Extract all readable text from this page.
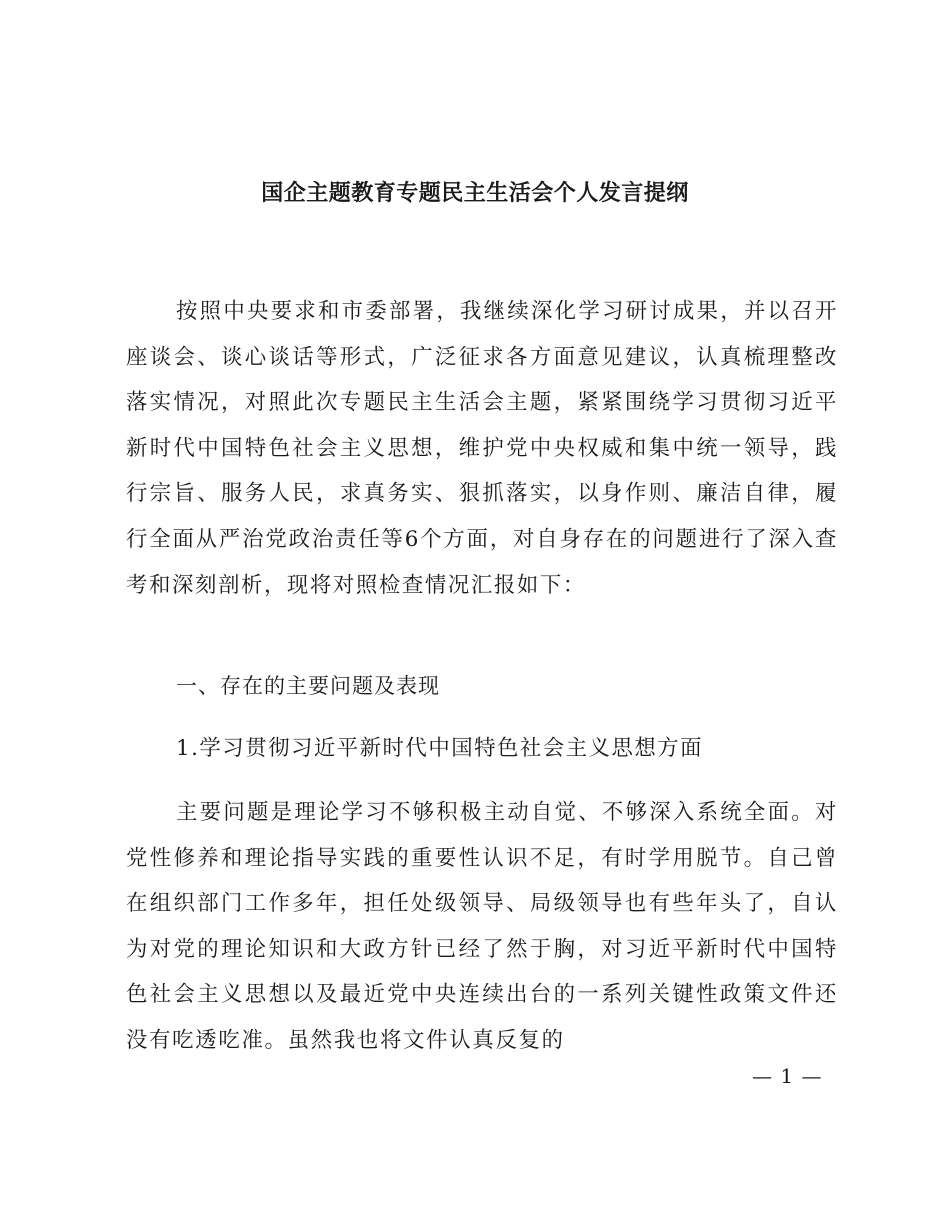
国企主题教育专题民主生活会个人发言提纲

按照中央要求和市委部署，我继续深化学习研讨成果，并以召开座谈会、谈心谈话等形式，广泛征求各方面意见建议，认真梳理整改落实情况，对照此次专题民主生活会主题，紧紧围绕学习贯彻习近平新时代中国特色社会主义思想，维护党中央权威和集中统一领导，践行宗旨、服务人民，求真务实、狠抓落实，以身作则、廉洁自律，履行全面从严治党政治责任等6个方面，对自身存在的问题进行了深入查考和深刻剖析，现将对照检查情况汇报如下：

一、存在的主要问题及表现
1.学习贯彻习近平新时代中国特色社会主义思想方面

主要问题是理论学习不够积极主动自觉、不够深入系统全面。对党性修养和理论指导实践的重要性认识不足，有时学用脱节。自己曾在组织部门工作多年，担任处级领导、局级领导也有些年头了，自认为对党的理论知识和大政方针已经了然于胸，对习近平新时代中国特色社会主义思想以及最近党中央连续出台的一系列关键性政策文件还没有吃透吃准。虽然我也将文件认真反复的

— 1 —
